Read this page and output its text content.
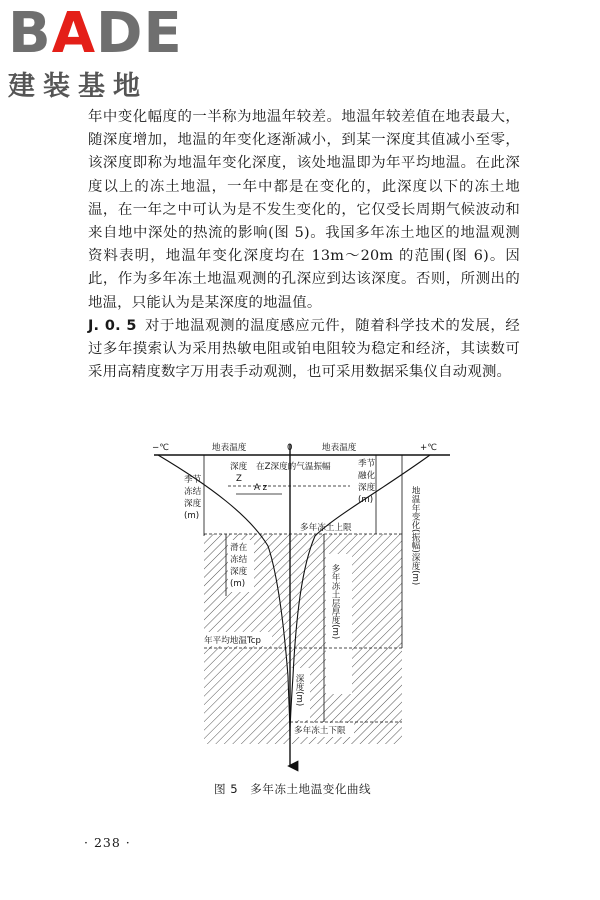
BADE
建装基地

年中变化幅度的一半称为地温年较差。地温年较差值在地表最大，随深度增加，地温的年变化逐渐减小，到某一深度其值减小至零，该深度即称为地温年变化深度，该处地温即为年平均地温。在此深度以上的冻土地温，一年中都是在变化的，此深度以下的冻土地温，在一年之中可认为是不发生变化的，它仅受长周期气候波动和来自地中深处的热流的影响(图 5)。我国多年冻土地区的地温观测资料表明，地温年变化深度均在 13m～20m 的范围(图 6)。因此，作为多年冻土地温观测的孔深应到达该深度。否则，所测出的地温，只能认为是某深度的地温值。

J. 0. 5 对于地温观测的温度感应元件，随着科学技术的发展，经过多年摸索认为采用热敏电阻或铂电阻较为稳定和经济，其读数可采用高精度数字万用表手动观测，也可采用数据采集仪自动观测。

−℃	地表温度	0	地表温度	+℃
深度
Z
在Z深度的气温振幅
A z
季节
冻结
深度
(m)
季节
融化
深度
(m)
多年冻土上限
滑在
冻结
深度
(m)
年平均地温Tcp
多年冻土层厚度(m)
深度(m)
地温年变化(振幅)深度(m)
多年冻土下限
图 5 多年冻土地温变化曲线
· 238 ·
